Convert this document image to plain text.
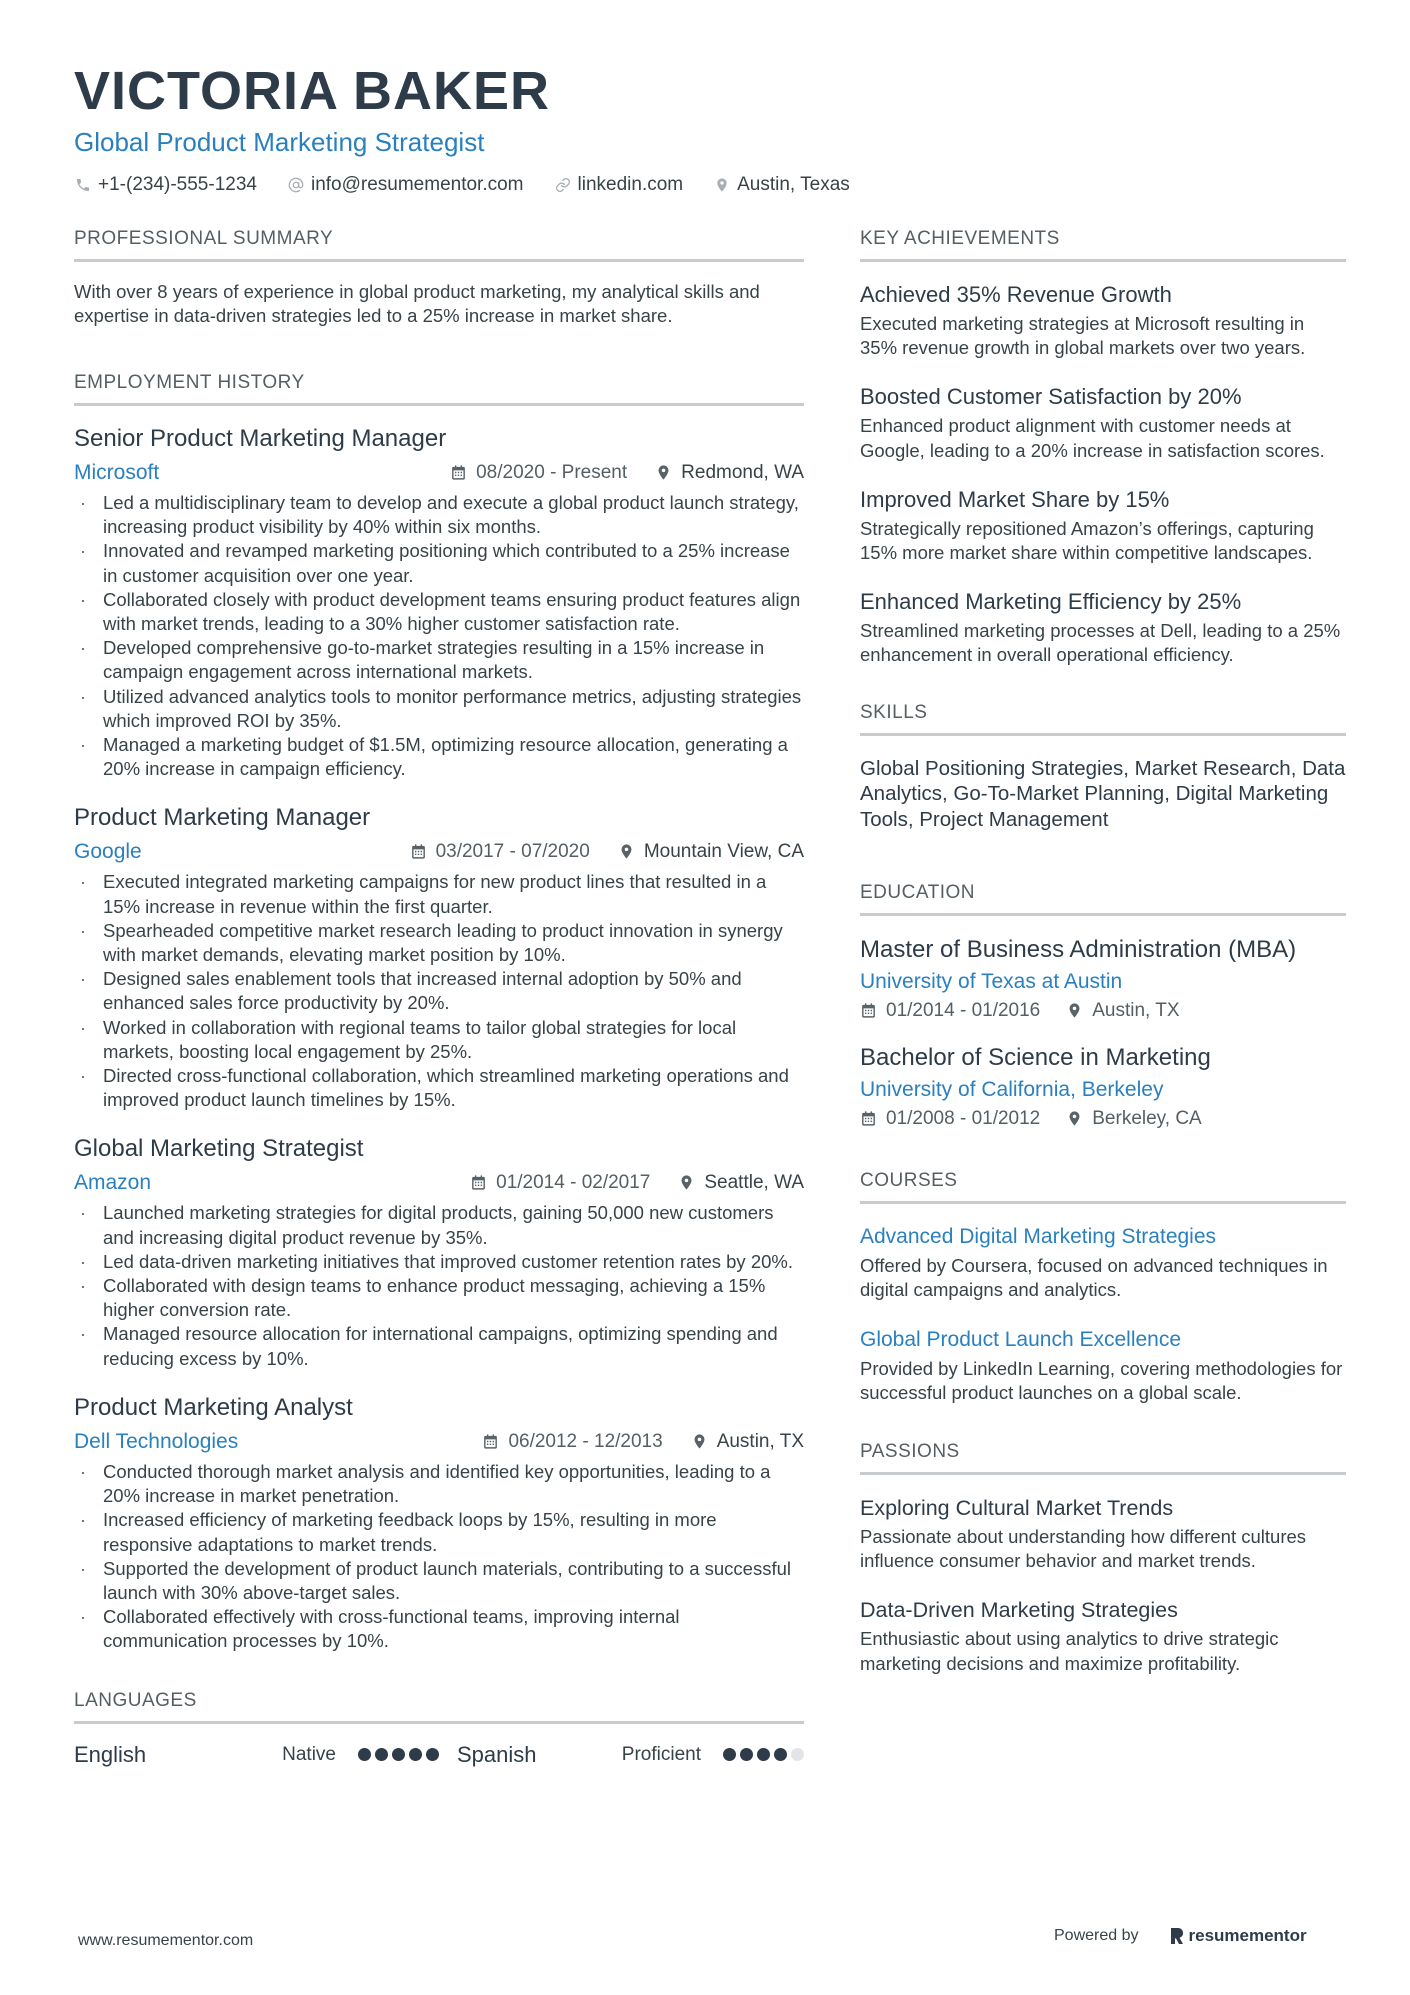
VICTORIA BAKER
Global Product Marketing Strategist
+1-(234)-555-1234	info@resumementor.com	linkedin.com	Austin, Texas
PROFESSIONAL SUMMARY
With over 8 years of experience in global product marketing, my analytical skills and expertise in data-driven strategies led to a 25% increase in market share.
EMPLOYMENT HISTORY
Senior Product Marketing Manager
Microsoft	08/2020 - Present	Redmond, WA
· Led a multidisciplinary team to develop and execute a global product launch strategy, increasing product visibility by 40% within six months.
· Innovated and revamped marketing positioning which contributed to a 25% increase in customer acquisition over one year.
· Collaborated closely with product development teams ensuring product features align with market trends, leading to a 30% higher customer satisfaction rate.
· Developed comprehensive go-to-market strategies resulting in a 15% increase in campaign engagement across international markets.
· Utilized advanced analytics tools to monitor performance metrics, adjusting strategies which improved ROI by 35%.
· Managed a marketing budget of $1.5M, optimizing resource allocation, generating a 20% increase in campaign efficiency.
Product Marketing Manager
Google	03/2017 - 07/2020	Mountain View, CA
· Executed integrated marketing campaigns for new product lines that resulted in a 15% increase in revenue within the first quarter.
· Spearheaded competitive market research leading to product innovation in synergy with market demands, elevating market position by 10%.
· Designed sales enablement tools that increased internal adoption by 50% and enhanced sales force productivity by 20%.
· Worked in collaboration with regional teams to tailor global strategies for local markets, boosting local engagement by 25%.
· Directed cross-functional collaboration, which streamlined marketing operations and improved product launch timelines by 15%.
Global Marketing Strategist
Amazon	01/2014 - 02/2017	Seattle, WA
· Launched marketing strategies for digital products, gaining 50,000 new customers and increasing digital product revenue by 35%.
· Led data-driven marketing initiatives that improved customer retention rates by 20%.
· Collaborated with design teams to enhance product messaging, achieving a 15% higher conversion rate.
· Managed resource allocation for international campaigns, optimizing spending and reducing excess by 10%.
Product Marketing Analyst
Dell Technologies	06/2012 - 12/2013	Austin, TX
· Conducted thorough market analysis and identified key opportunities, leading to a 20% increase in market penetration.
· Increased efficiency of marketing feedback loops by 15%, resulting in more responsive adaptations to market trends.
· Supported the development of product launch materials, contributing to a successful launch with 30% above-target sales.
· Collaborated effectively with cross-functional teams, improving internal communication processes by 10%.
LANGUAGES
English	Native	Spanish	Proficient
KEY ACHIEVEMENTS
Achieved 35% Revenue Growth
Executed marketing strategies at Microsoft resulting in 35% revenue growth in global markets over two years.
Boosted Customer Satisfaction by 20%
Enhanced product alignment with customer needs at Google, leading to a 20% increase in satisfaction scores.
Improved Market Share by 15%
Strategically repositioned Amazon’s offerings, capturing 15% more market share within competitive landscapes.
Enhanced Marketing Efficiency by 25%
Streamlined marketing processes at Dell, leading to a 25% enhancement in overall operational efficiency.
SKILLS
Global Positioning Strategies, Market Research, Data Analytics, Go-To-Market Planning, Digital Marketing Tools, Project Management
EDUCATION
Master of Business Administration (MBA)
University of Texas at Austin
01/2014 - 01/2016	Austin, TX
Bachelor of Science in Marketing
University of California, Berkeley
01/2008 - 01/2012	Berkeley, CA
COURSES
Advanced Digital Marketing Strategies
Offered by Coursera, focused on advanced techniques in digital campaigns and analytics.
Global Product Launch Excellence
Provided by LinkedIn Learning, covering methodologies for successful product launches on a global scale.
PASSIONS
Exploring Cultural Market Trends
Passionate about understanding how different cultures influence consumer behavior and market trends.
Data-Driven Marketing Strategies
Enthusiastic about using analytics to drive strategic marketing decisions and maximize profitability.
www.resumementor.com	Powered by	resumementor
